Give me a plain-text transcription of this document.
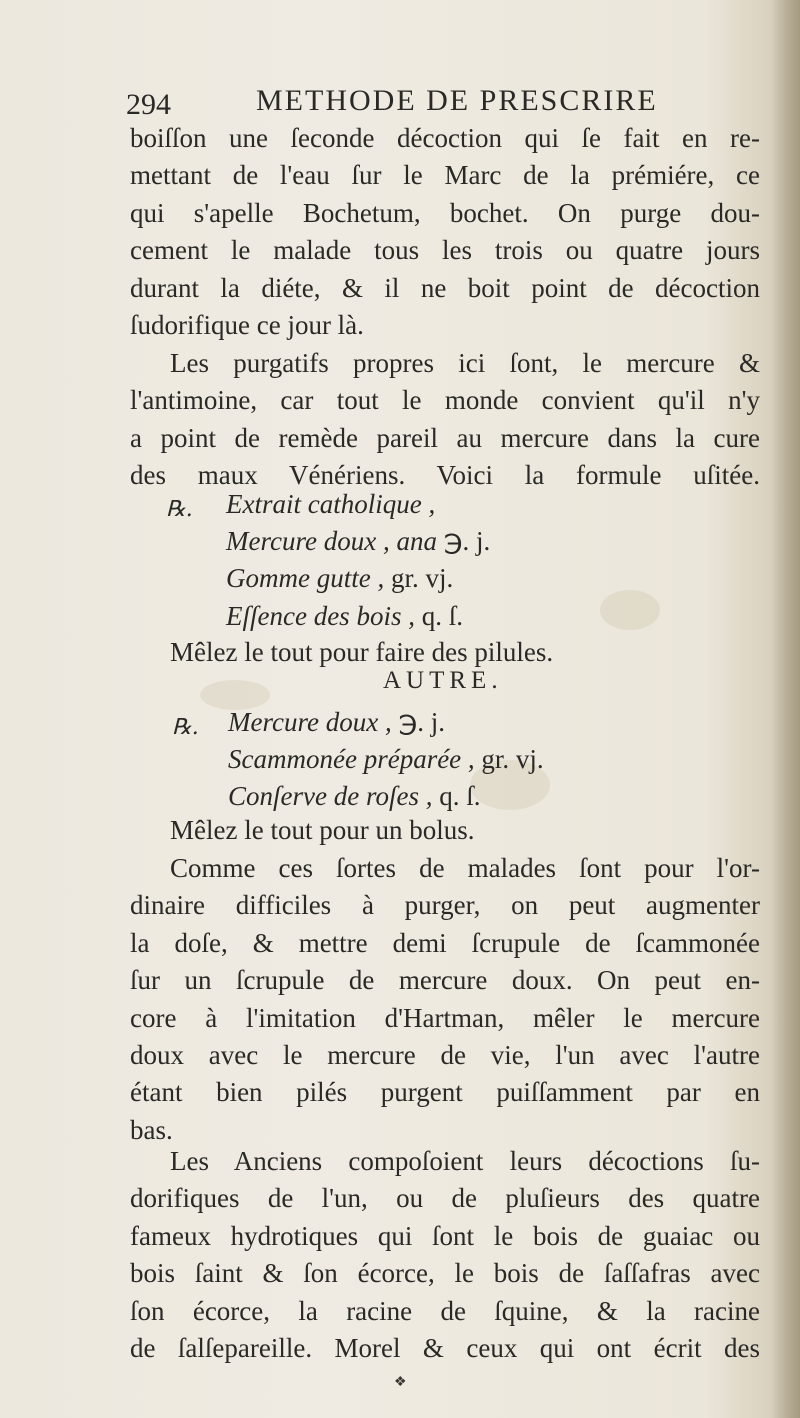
294	METHODE DE PRESCRIRE
boiſſon une ſeconde décoction qui ſe fait en re-
mettant de l'eau ſur le Marc de la prémiére, ce
qui s'apelle Bochetum, bochet. On purge dou-
cement le malade tous les trois ou quatre jours
durant la diéte, & il ne boit point de décoction
ſudorifique ce jour là.
Les purgatifs propres ici ſont, le mercure &
l'antimoine, car tout le monde convient qu'il n'y
a point de remède pareil au mercure dans la cure
des maux Vénériens. Voici la formule uſitée.
℞. Extrait catholique ,
Mercure doux , ana ℈. j.
Gomme gutte , gr. vj.
Eſſence des bois , q. ſ.
Mêlez le tout pour faire des pilules.
AUTRE.
℞. Mercure doux , ℈. j.
Scammonée préparée , gr. vj.
Conſerve de roſes , q. ſ.
Mêlez le tout pour un bolus.
Comme ces ſortes de malades ſont pour l'or-
dinaire difficiles à purger, on peut augmenter
la doſe, & mettre demi ſcrupule de ſcammonée
ſur un ſcrupule de mercure doux. On peut en-
core à l'imitation d'Hartman, mêler le mercure
doux avec le mercure de vie, l'un avec l'autre
étant bien pilés purgent puiſſamment par en
bas.
Les Anciens compoſoient leurs décoctions ſu-
dorifiques de l'un, ou de pluſieurs des quatre
fameux hydrotiques qui ſont le bois de guaiac ou
bois ſaint & ſon écorce, le bois de ſaſſafras avec
ſon écorce, la racine de ſquine, & la racine
de ſalſepareille. Morel & ceux qui ont écrit des
❖
